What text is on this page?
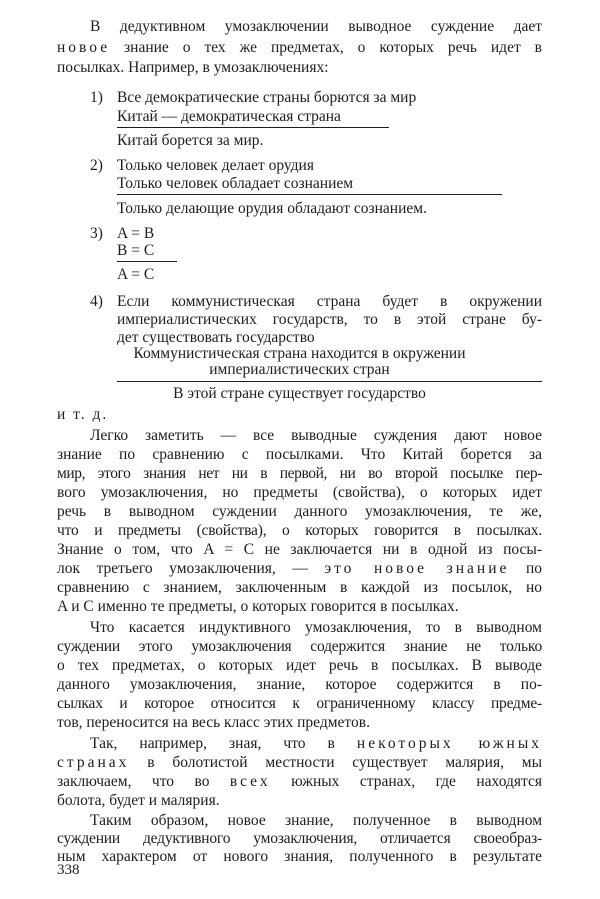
В дедуктивном умозаключении выводное суждение дает
новое знание о тех же предметах, о которых речь идет в
посылках. Например, в умозаключениях:
1) Все демократические страны борются за мир
Китай — демократическая страна
Китай борется за мир.
2) Только человек делает орудия
Только человек обладает сознанием
Только делающие орудия обладают сознанием.
3) A = B
B = C
A = C
4) Если коммунистическая страна будет в окружении
империалистических государств, то в этой стране бу-
дет существовать государство
Коммунистическая страна находится в окружении
империалистических стран
В этой стране существует государство
и т. д.
Легко заметить — все выводные суждения дают новое
знание по сравнению с посылками. Что Китай борется за
мир, этого знания нет ни в первой, ни во второй посылке пер-
вого умозаключения, но предметы (свойства), о которых идет
речь в выводном суждении данного умозаключения, те же,
что и предметы (свойства), о которых говорится в посылках.
Знание о том, что A = C не заключается ни в одной из посы-
лок третьего умозаключения, — это новое знание по
сравнению с знанием, заключенным в каждой из посылок, но
A и C именно те предметы, о которых говорится в посылках.
Что касается индуктивного умозаключения, то в выводном
суждении этого умозаключения содержится знание не только
о тех предметах, о которых идет речь в посылках. В выводе
данного умозаключения, знание, которое содержится в по-
сылках и которое относится к ограниченному классу предме-
тов, переносится на весь класс этих предметов.
Так, например, зная, что в некоторых южных
странах в болотистой местности существует малярия, мы
заключаем, что во всех южных странах, где находятся
болота, будет и малярия.
Таким образом, новое знание, полученное в выводном
суждении дедуктивного умозаключения, отличается своеобраз-
ным характером от нового знания, полученного в результате
338
